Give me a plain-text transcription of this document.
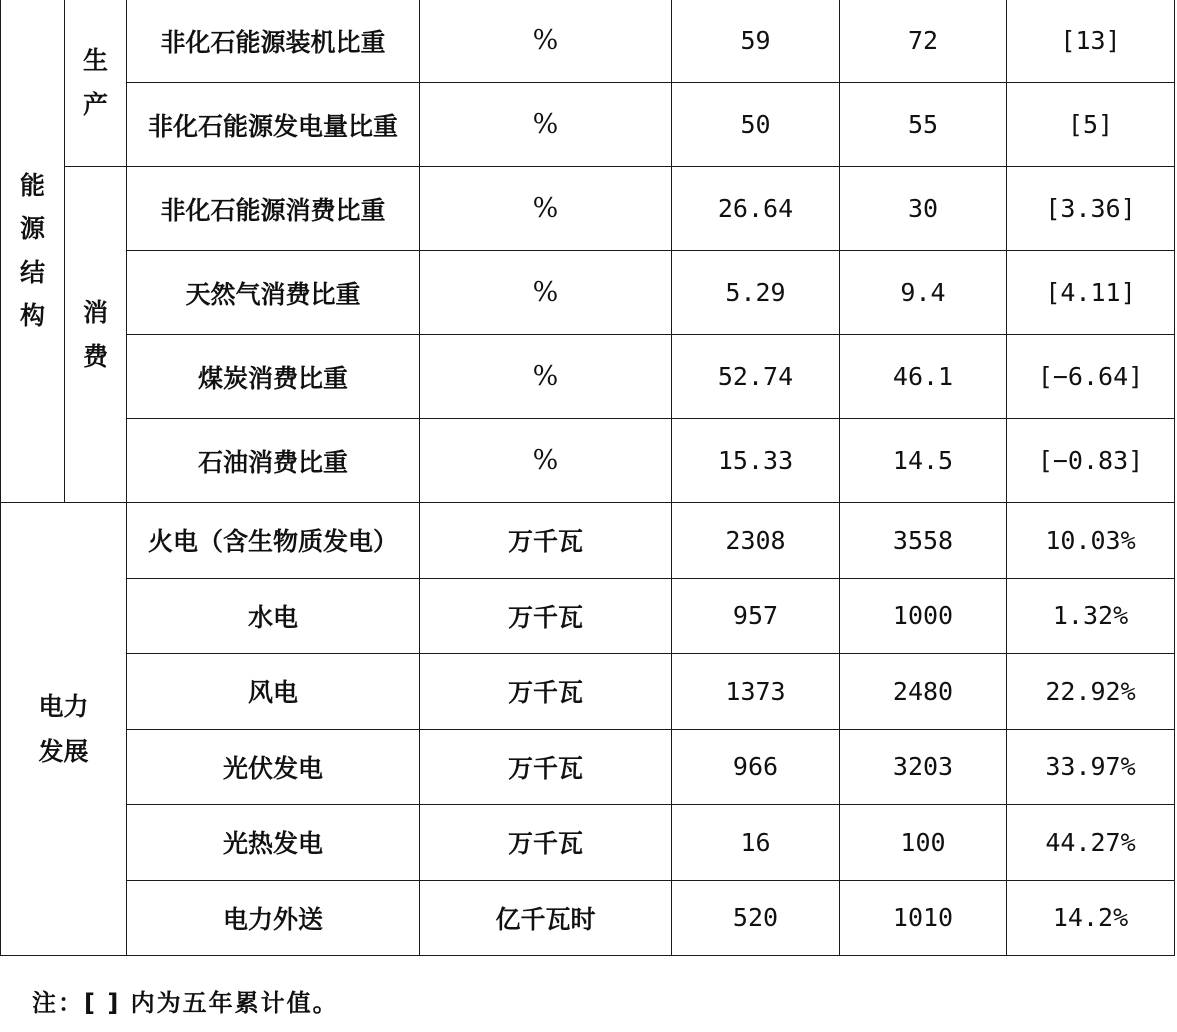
能源结构	生产	非化石能源装机比重	%	59	72	[13]
		非化石能源发电量比重	%	50	55	[5]
	消费	非化石能源消费比重	%	26.64	30	[3.36]
		天然气消费比重	%	5.29	9.4	[4.11]
		煤炭消费比重	%	52.74	46.1	[−6.64]
		石油消费比重	%	15.33	14.5	[−0.83]
电力发展		火电（含生物质发电）	万千瓦	2308	3558	10.03%
		水电	万千瓦	957	1000	1.32%
		风电	万千瓦	1373	2480	22.92%
		光伏发电	万千瓦	966	3203	33.97%
		光热发电	万千瓦	16	100	44.27%
		电力外送	亿千瓦时	520	1010	14.2%
注：[ ] 内为五年累计值。
